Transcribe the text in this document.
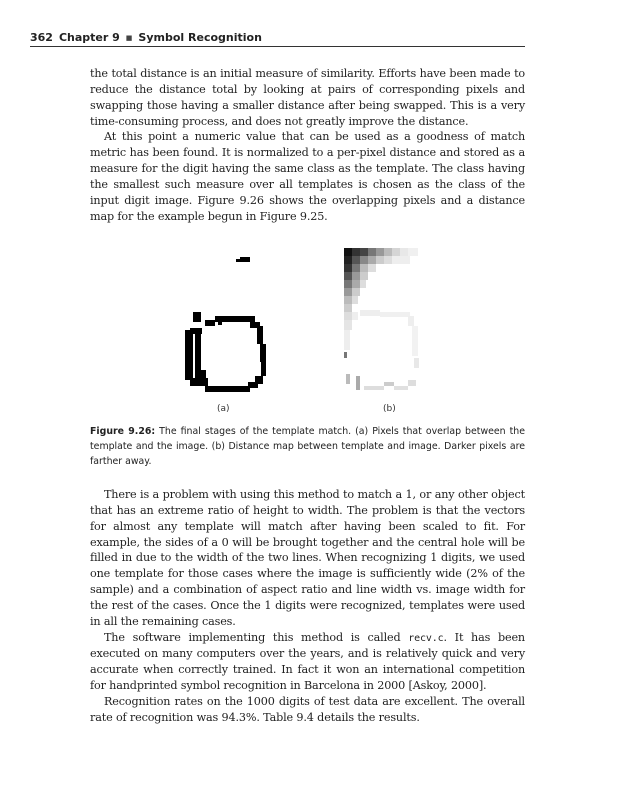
362 Chapter 9 ■ Symbol Recognition

the total distance is an initial measure of similarity. Efforts have been made to reduce the distance total by looking at pairs of corresponding pixels and swapping those having a smaller distance after being swapped. This is a very time-consuming process, and does not greatly improve the distance.

At this point a numeric value that can be used as a goodness of match metric has been found. It is normalized to a per-pixel distance and stored as a measure for the digit having the same class as the template. The class having the smallest such measure over all templates is chosen as the class of the input digit image. Figure 9.26 shows the overlapping pixels and a distance map for the example begun in Figure 9.25.

(a)	(b)
Figure 9.26: The final stages of the template match. (a) Pixels that overlap between the template and the image. (b) Distance map between template and image. Darker pixels are farther away.

There is a problem with using this method to match a 1, or any other object that has an extreme ratio of height to width. The problem is that the vectors for almost any template will match after having been scaled to fit. For example, the sides of a 0 will be brought together and the central hole will be filled in due to the width of the two lines. When recognizing 1 digits, we used one template for those cases where the image is sufficiently wide (2% of the sample) and a combination of aspect ratio and line width vs. image width for the rest of the cases. Once the 1 digits were recognized, templates were used in all the remaining cases.

The software implementing this method is called recv.c. It has been executed on many computers over the years, and is relatively quick and very accurate when correctly trained. In fact it won an international competition for handprinted symbol recognition in Barcelona in 2000 [Askoy, 2000].

Recognition rates on the 1000 digits of test data are excellent. The overall rate of recognition was 94.3%. Table 9.4 details the results.
